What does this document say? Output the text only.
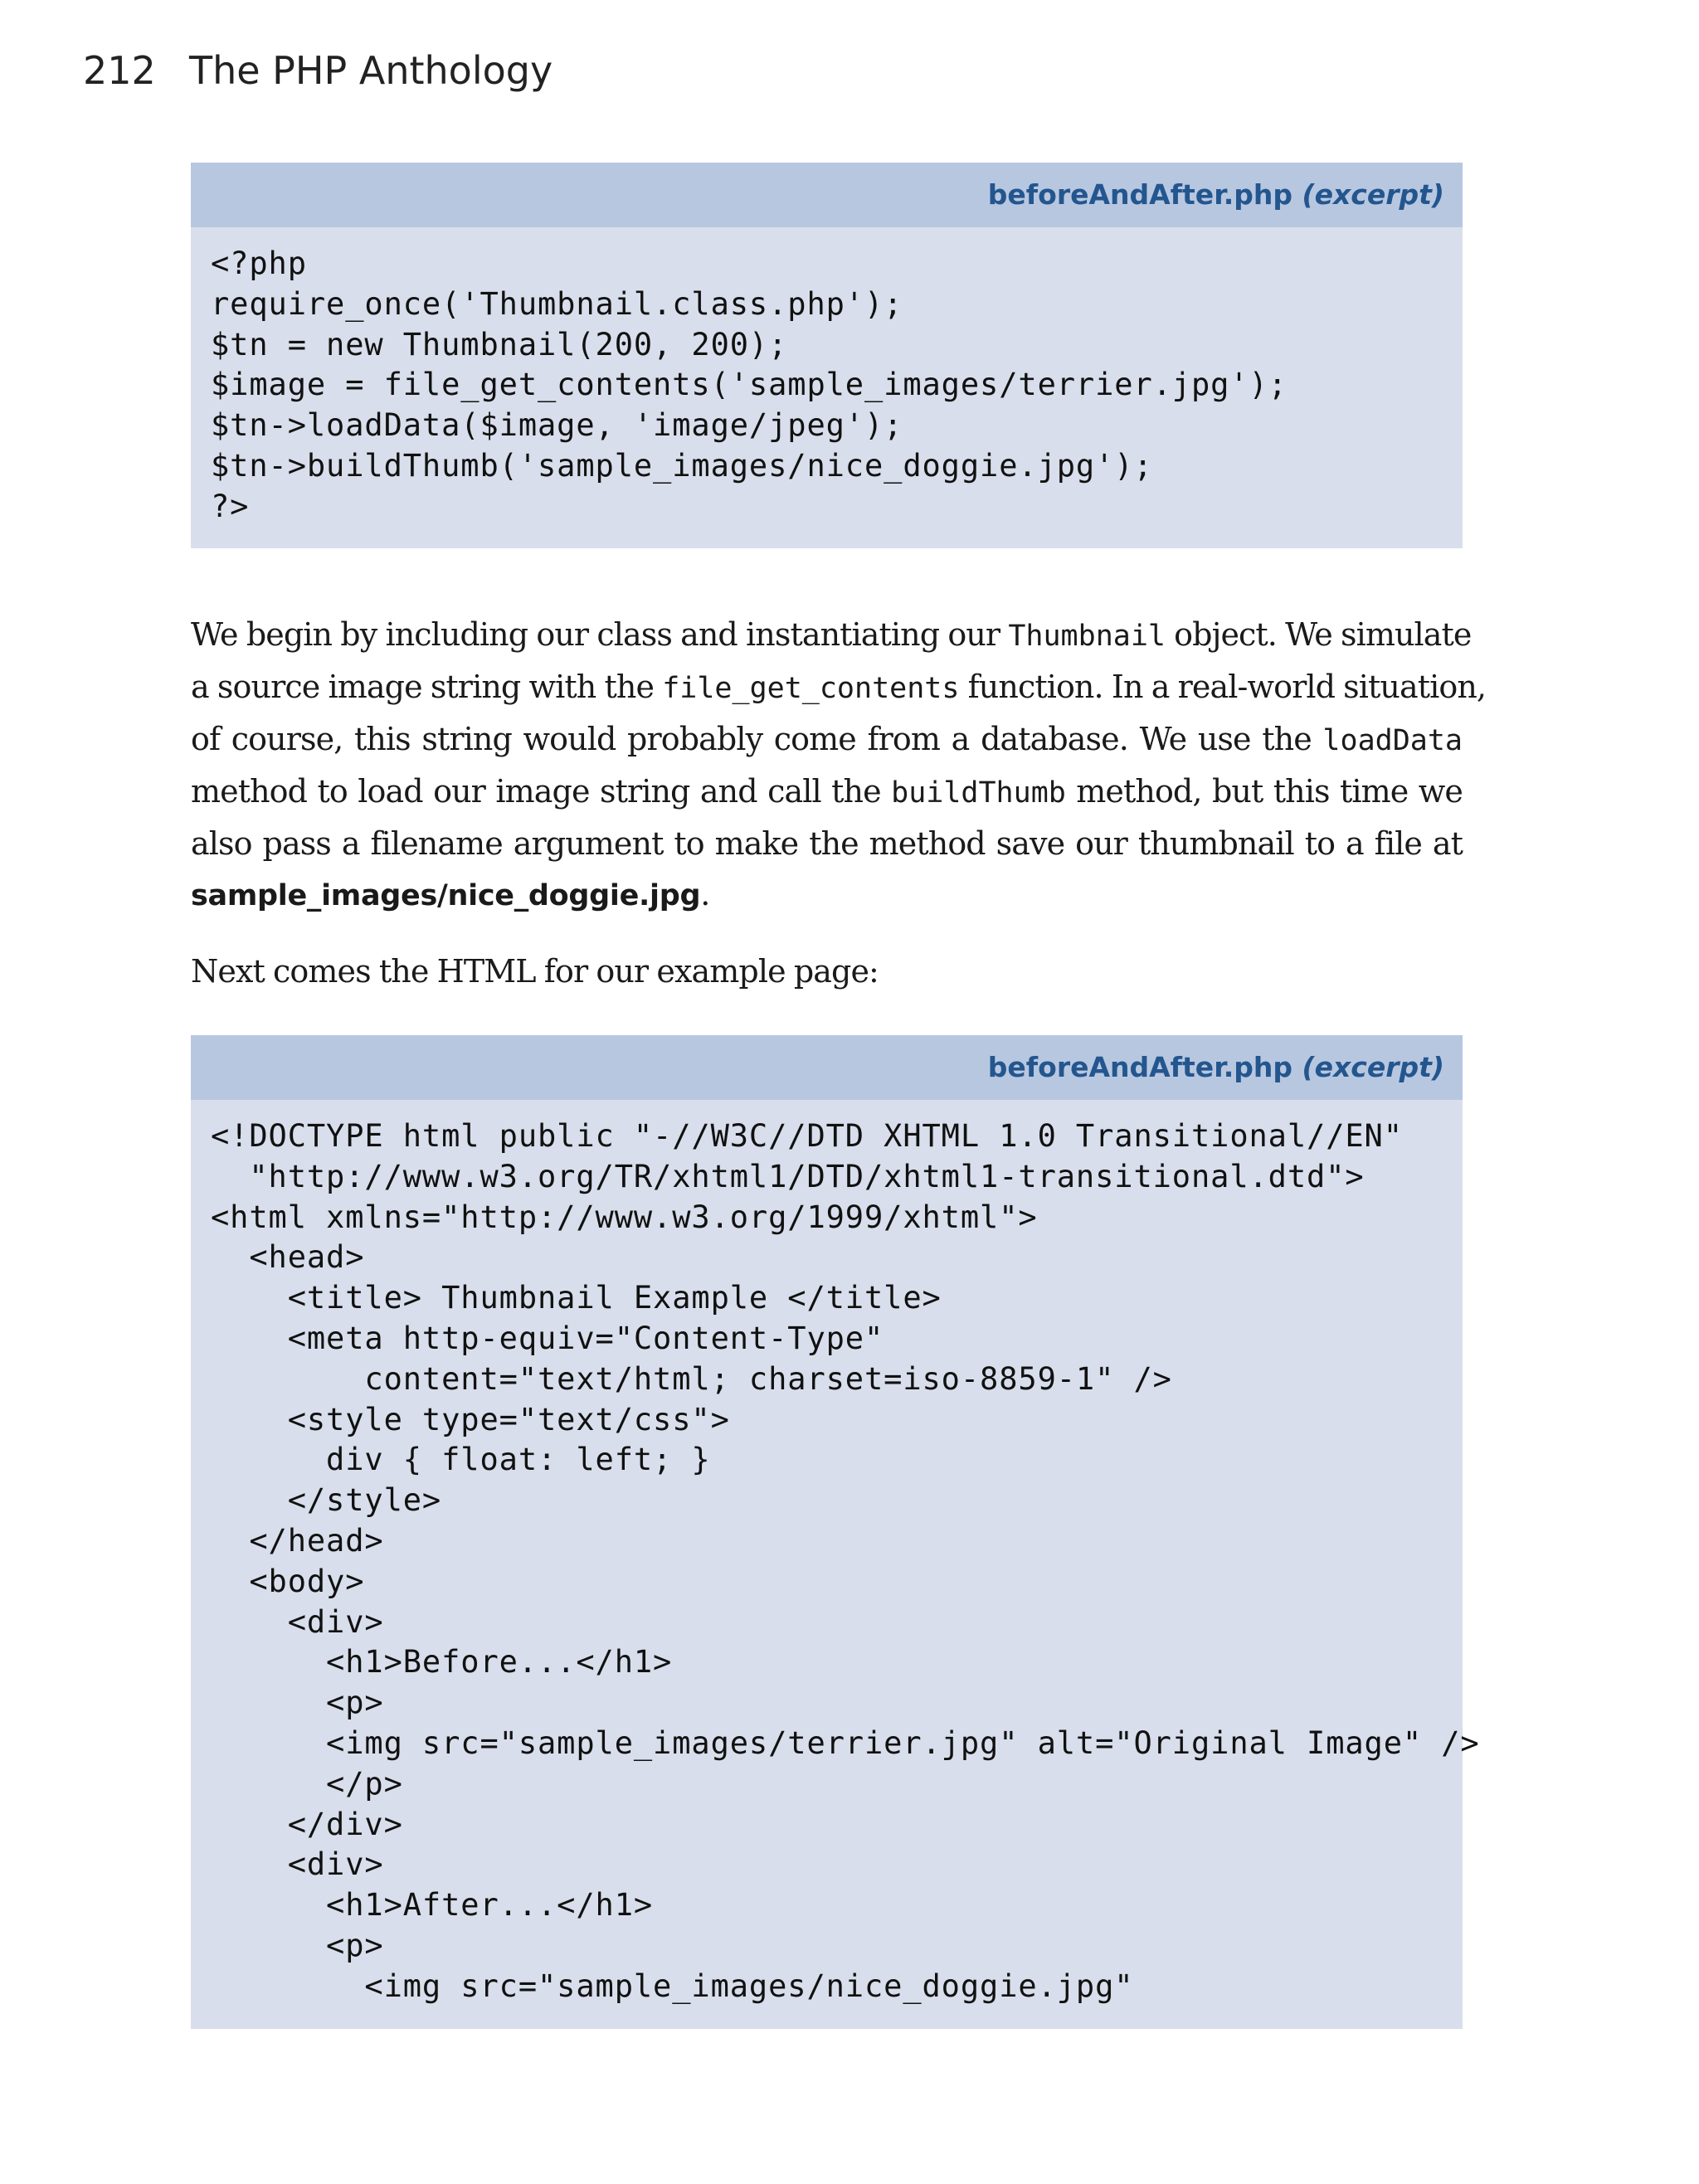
212 The PHP Anthology
beforeAndAfter.php (excerpt)
<?php
require_once('Thumbnail.class.php');
$tn = new Thumbnail(200, 200);
$image = file_get_contents('sample_images/terrier.jpg');
$tn->loadData($image, 'image/jpeg');
$tn->buildThumb('sample_images/nice_doggie.jpg');
?>

We begin by including our class and instantiating our Thumbnail object. We simulate
a source image string with the file_get_contents function. In a real-world situation,
of course, this string would probably come from a database. We use the loadData
method to load our image string and call the buildThumb method, but this time we
also pass a filename argument to make the method save our thumbnail to a file at
sample_images/nice_doggie.jpg.

Next comes the HTML for our example page:

beforeAndAfter.php (excerpt)
<!DOCTYPE html public "-//W3C//DTD XHTML 1.0 Transitional//EN"
"http://www.w3.org/TR/xhtml1/DTD/xhtml1-transitional.dtd">
<html xmlns="http://www.w3.org/1999/xhtml">
<head>
<title> Thumbnail Example </title>
<meta http-equiv="Content-Type"
content="text/html; charset=iso-8859-1" />
<style type="text/css">
div { float: left; }
</style>
</head>
<body>
<div>
<h1>Before...</h1>
<p>
<img src="sample_images/terrier.jpg" alt="Original Image" />
</p>
</div>
<div>
<h1>After...</h1>
<p>
<img src="sample_images/nice_doggie.jpg"
